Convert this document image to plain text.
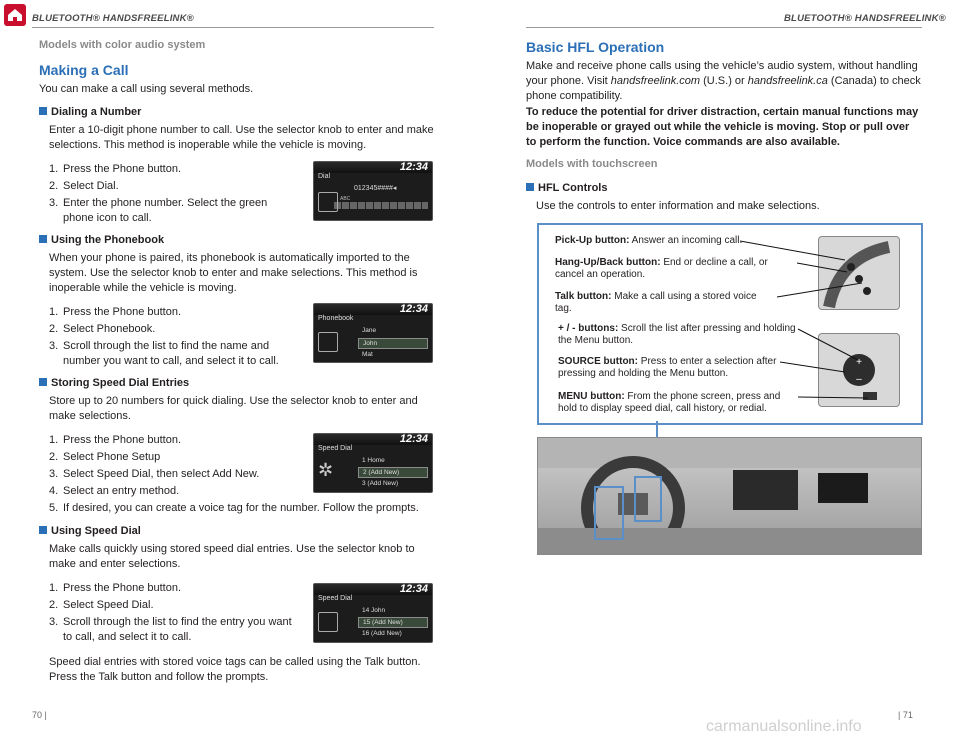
BLUETOOTH® HANDSFREELINK®	BLUETOOTH® HANDSFREELINK®
Models with color audio system
Making a Call
You can make a call using several methods.
Dialing a Number
Enter a 10-digit phone number to call. Use the selector knob to enter and make selections. This method is inoperable while the vehicle is moving.
1. Press the Phone button.
2. Select Dial.
3. Enter the phone number. Select the green phone icon to call.
12:34
Dial
012345####◂
ABC
Using the Phonebook
When your phone is paired, its phonebook is automatically imported to the system. Use the selector knob to enter and make selections. This method is inoperable while the vehicle is moving.
1. Press the Phone button.
2. Select Phonebook.
3. Scroll through the list to find the name and number you want to call, and select it to call.
12:34
Phonebook
Jane
John
Mat
Storing Speed Dial Entries
Store up to 20 numbers for quick dialing. Use the selector knob to enter and make selections.
1. Press the Phone button.
2. Select Phone Setup
3. Select Speed Dial, then select Add New.
4. Select an entry method.
5. If desired, you can create a voice tag for the number. Follow the prompts.
12:34
Speed Dial
1 Home
2 (Add New)
3 (Add New)
✲
Using Speed Dial
Make calls quickly using stored speed dial entries. Use the selector knob to make and enter selections.
1. Press the Phone button.
2. Select Speed Dial.
3. Scroll through the list to find the entry you want to call, and select it to call.
12:34
Speed Dial
14 John
15 (Add New)
16 (Add New)
Speed dial entries with stored voice tags can be called using the Talk button. Press the Talk button and follow the prompts.
70 |
Basic HFL Operation
Make and receive phone calls using the vehicle’s audio system, without handling your phone. Visit handsfreelink.com (U.S.) or handsfreelink.ca (Canada) to check phone compatibility.
To reduce the potential for driver distraction, certain manual functions may be inoperable or grayed out while the vehicle is moving. Stop or pull over to perform the function. Voice commands are also available.
Models with touchscreen
HFL Controls
Use the controls to enter information and make selections.
Pick-Up button: Answer an incoming call.
Hang-Up/Back button: End or decline a call, or cancel an operation.
Talk button: Make a call using a stored voice tag.
+ / - buttons: Scroll the list after pressing and holding the Menu button.
SOURCE button: Press to enter a selection after pressing and holding the Menu button.
MENU button: From the phone screen, press and hold to display speed dial, call history, or redial.
+
–
| 71
carmanualsonline.info
